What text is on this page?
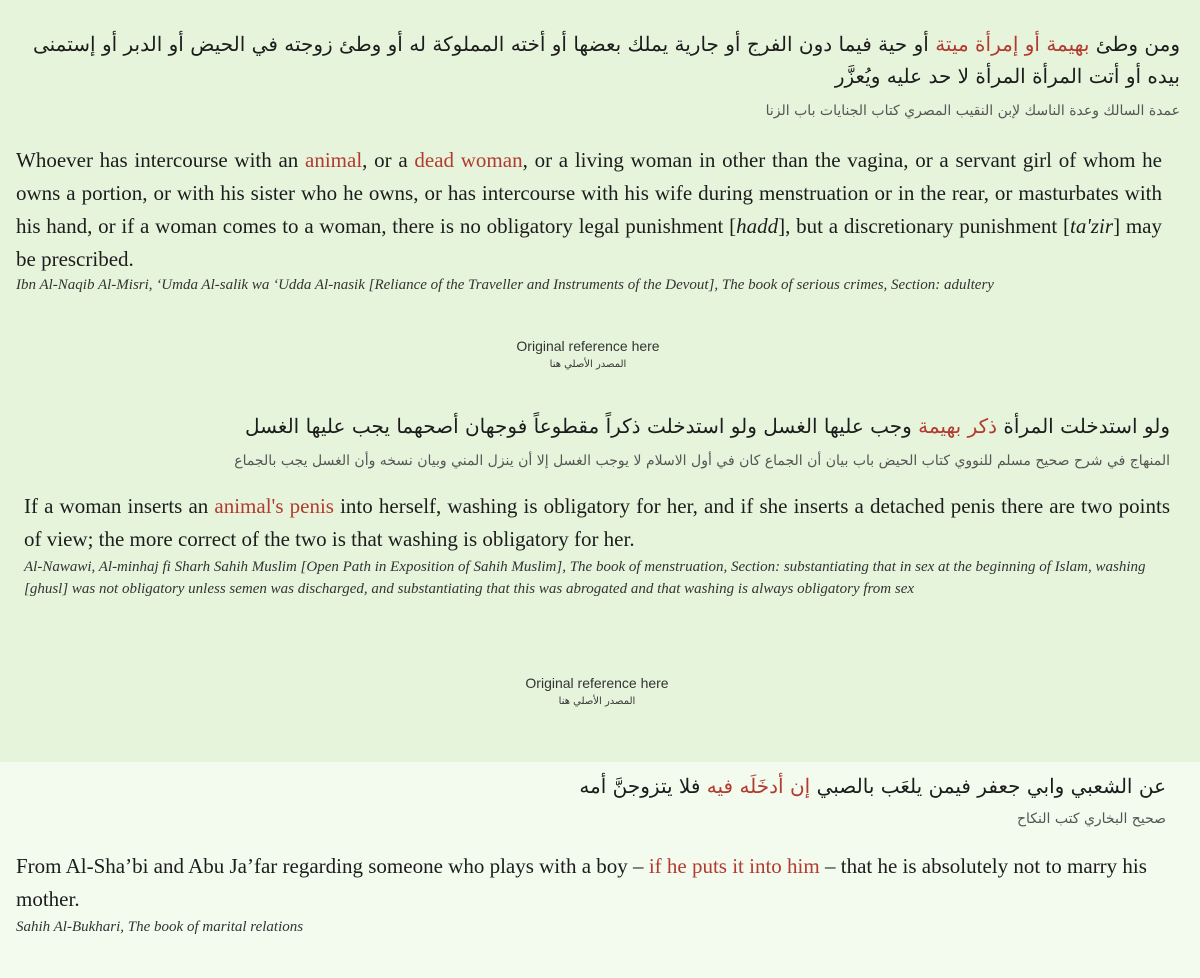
ومن وطئ بهيمة أو إمرأة ميتة أو حية فيما دون الفرج أو جارية يملك بعضها أو أخته المملوكة له أو وطئ زوجته في الحيض أو الدبر أو إستمنى بيده أو أتت المرأة المرأة لا حد عليه ويُعزَّر
عمدة السالك وعدة الناسك لإبن النقيب المصري كتاب الجنايات باب الزنا
Whoever has intercourse with an animal, or a dead woman, or a living woman in other than the vagina, or a servant girl of whom he owns a portion, or with his sister who he owns, or has intercourse with his wife during menstruation or in the rear, or masturbates with his hand, or if a woman comes to a woman, there is no obligatory legal punishment [hadd], but a discretionary punishment [ta'zir] may be prescribed.
Ibn Al-Naqib Al-Misri, ‘Umda Al-salik wa ‘Udda Al-nasik [Reliance of the Traveller and Instruments of the Devout], The book of serious crimes, Section: adultery
Original reference here
المصدر الأصلي هنا
ولو استدخلت المرأة ذكر بهيمة وجب عليها الغسل ولو استدخلت ذكراً مقطوعاً فوجهان أصحهما يجب عليها الغسل
المنهاج في شرح صحيح مسلم للنووي كتاب الحيض باب بيان أن الجماع كان في أول الاسلام لا يوجب الغسل إلا أن ينزل المني وبيان نسخه وأن الغسل يجب بالجماع
If a woman inserts an animal's penis into herself, washing is obligatory for her, and if she inserts a detached penis there are two points of view; the more correct of the two is that washing is obligatory for her.
Al-Nawawi, Al-minhaj fi Sharh Sahih Muslim [Open Path in Exposition of Sahih Muslim], The book of menstruation, Section: substantiating that in sex at the beginning of Islam, washing [ghusl] was not obligatory unless semen was discharged, and substantiating that this was abrogated and that washing is always obligatory from sex
Original reference here
المصدر الأصلي هنا
عن الشعبي وابي جعفر فيمن يلعَب بالصبي إن أدخَلَه فيه فلا يتزوجنَّ أمه
صحيح البخاري كتب النكاح
From Al-Sha’bi and Abu Ja’far regarding someone who plays with a boy – if he puts it into him – that he is absolutely not to marry his mother.
Sahih Al-Bukhari, The book of marital relations
